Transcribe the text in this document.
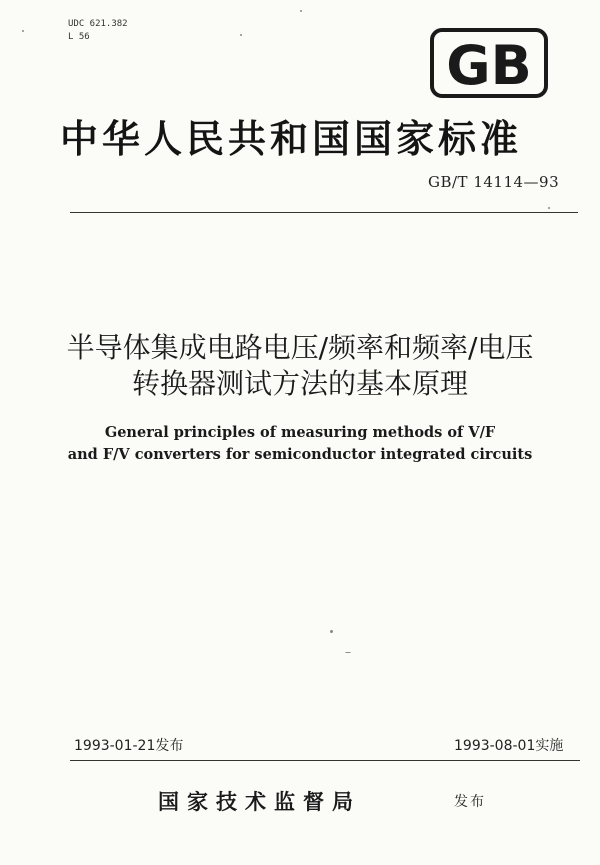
UDC 621.382
L 56	GB
中华人民共和国国家标准
GB/T 14114—93
半导体集成电路电压/频率和频率/电压
转换器测试方法的基本原理
General principles of measuring methods of V/F
and F/V converters for semiconductor integrated circuits
1993-01-21发布	1993-08-01实施
国家技术监督局	发布
